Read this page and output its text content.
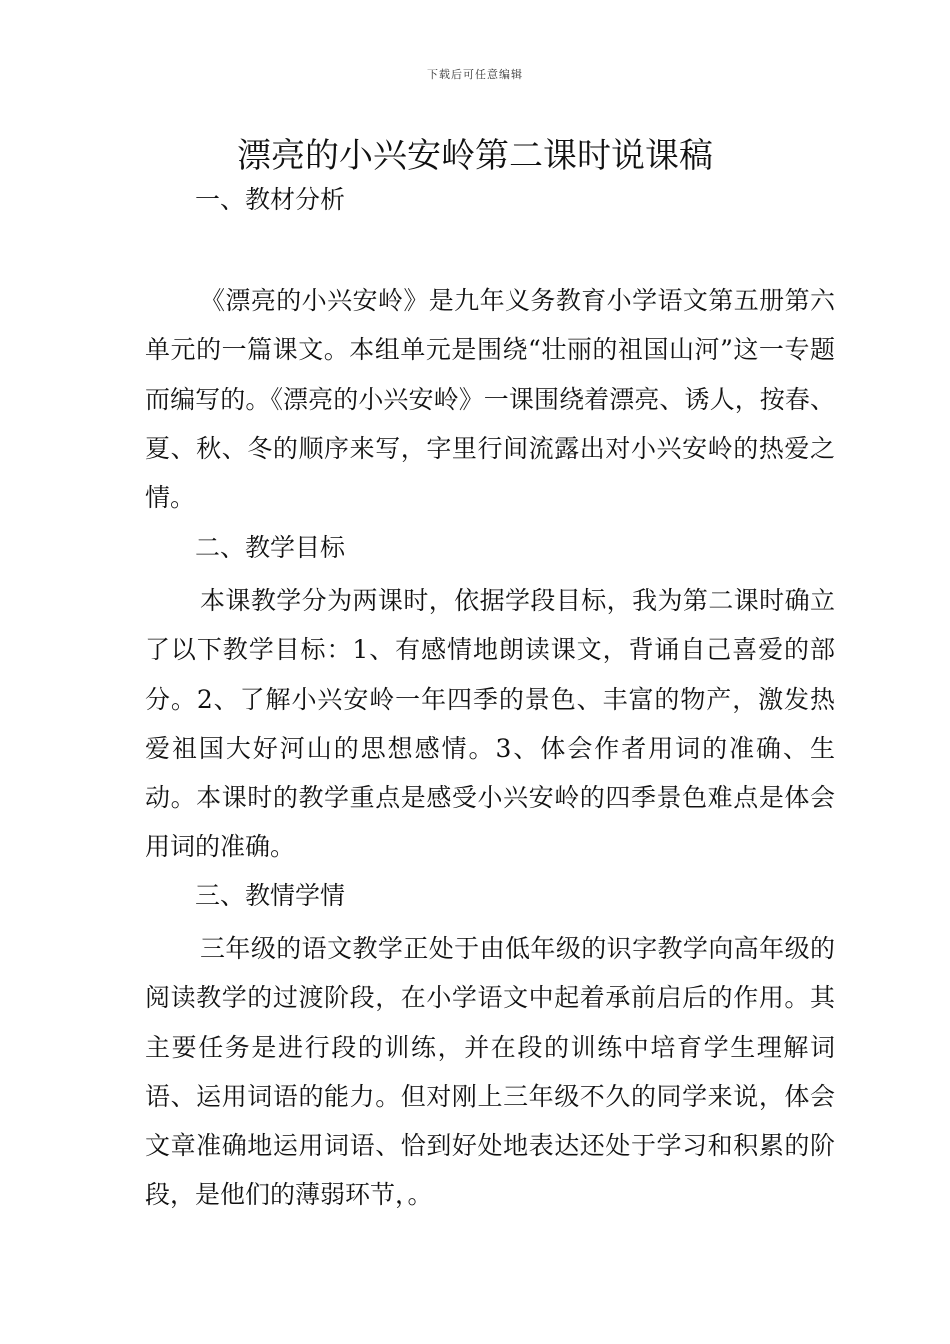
下载后可任意编辑
漂亮的小兴安岭第二课时说课稿
一、教材分析

《漂亮的小兴安岭》是九年义务教育小学语文第五册第六单元的一篇课文。本组单元是围绕“壮丽的祖国山河”这一专题而编写的。《漂亮的小兴安岭》一课围绕着漂亮、诱人，按春、夏、秋、冬的顺序来写，字里行间流露出对小兴安岭的热爱之情。

二、教学目标

本课教学分为两课时，依据学段目标，我为第二课时确立了以下教学目标：1、有感情地朗读课文，背诵自己喜爱的部分。2、了解小兴安岭一年四季的景色、丰富的物产，激发热爱祖国大好河山的思想感情。3、体会作者用词的准确、生动。本课时的教学重点是感受小兴安岭的四季景色难点是体会用词的准确。

三、教情学情

三年级的语文教学正处于由低年级的识字教学向高年级的阅读教学的过渡阶段，在小学语文中起着承前启后的作用。其主要任务是进行段的训练，并在段的训练中培育学生理解词语、运用词语的能力。但对刚上三年级不久的同学来说，体会文章准确地运用词语、恰到好处地表达还处于学习和积累的阶段，是他们的薄弱环节，。
